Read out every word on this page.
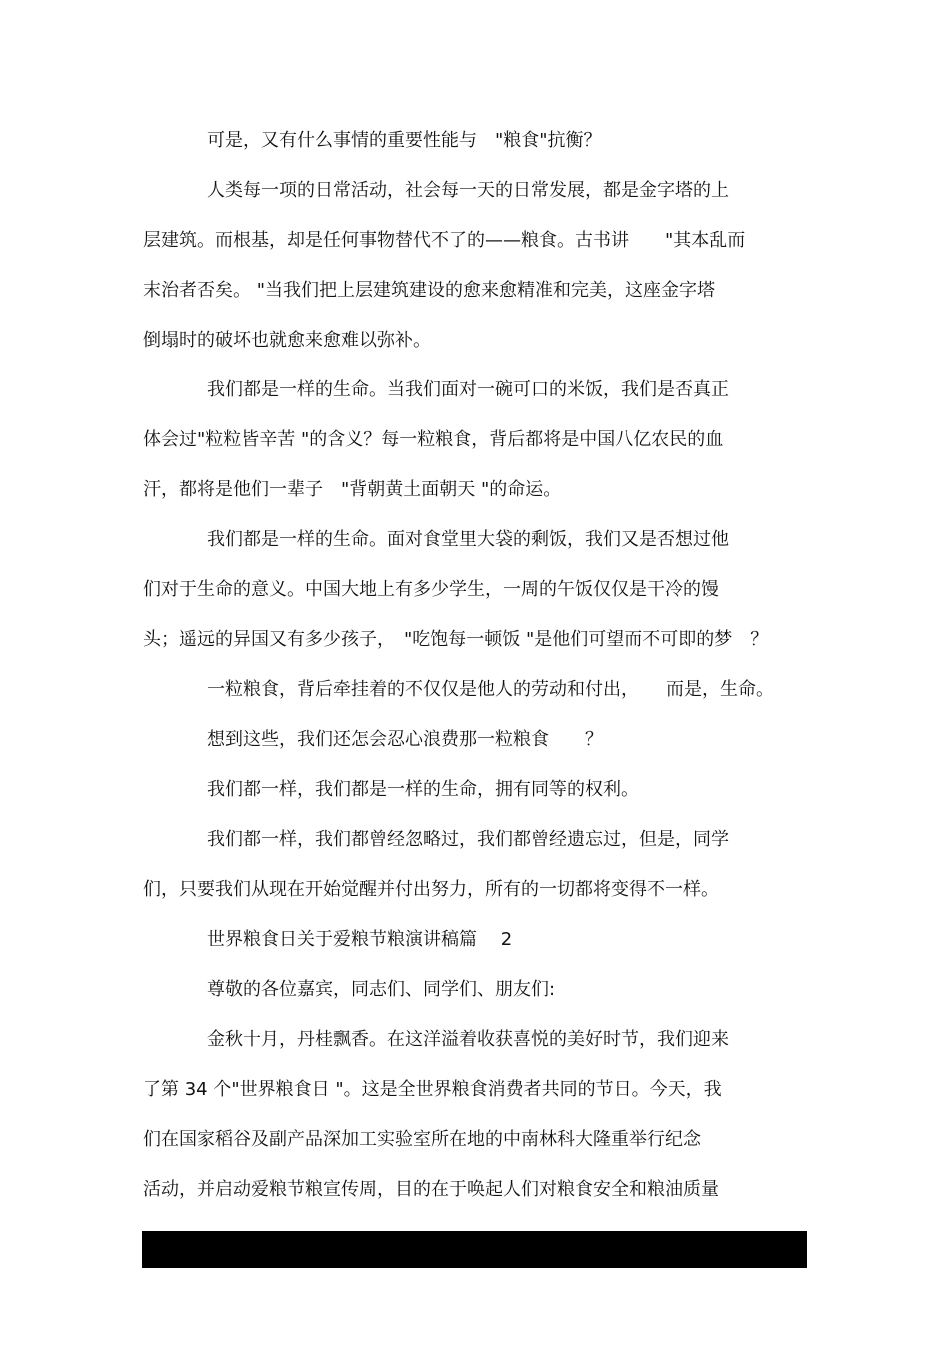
可是，又有什么事情的重要性能与　"粮食"抗衡？
人类每一项的日常活动，社会每一天的日常发展，都是金字塔的上
层建筑。而根基，却是任何事物替代不了的——粮食。古书讲　　"其本乱而
末治者否矣。 "当我们把上层建筑建设的愈来愈精准和完美，这座金字塔
倒塌时的破坏也就愈来愈难以弥补。
我们都是一样的生命。当我们面对一碗可口的米饭，我们是否真正
体会过"粒粒皆辛苦 "的含义？每一粒粮食，背后都将是中国八亿农民的血
汗，都将是他们一辈子　"背朝黄土面朝天 "的命运。
我们都是一样的生命。面对食堂里大袋的剩饭，我们又是否想过他
们对于生命的意义。中国大地上有多少学生，一周的午饭仅仅是干冷的馒
头；遥远的异国又有多少孩子，　"吃饱每一顿饭 "是他们可望而不可即的梦　？
一粒粮食，背后牵挂着的不仅仅是他人的劳动和付出，　　而是，生命。
想到这些，我们还怎会忍心浪费那一粒粮食　　？
我们都一样，我们都是一样的生命，拥有同等的权利。
我们都一样，我们都曾经忽略过，我们都曾经遗忘过，但是，同学
们，只要我们从现在开始觉醒并付出努力，所有的一切都将变得不一样。
世界粮食日关于爱粮节粮演讲稿篇　 2
尊敬的各位嘉宾，同志们、同学们、朋友们:
金秋十月，丹桂飘香。在这洋溢着收获喜悦的美好时节，我们迎来
了第 34 个"世界粮食日 "。这是全世界粮食消费者共同的节日。今天，我
们在国家稻谷及副产品深加工实验室所在地的中南林科大隆重举行纪念
活动，并启动爱粮节粮宣传周，目的在于唤起人们对粮食安全和粮油质量
